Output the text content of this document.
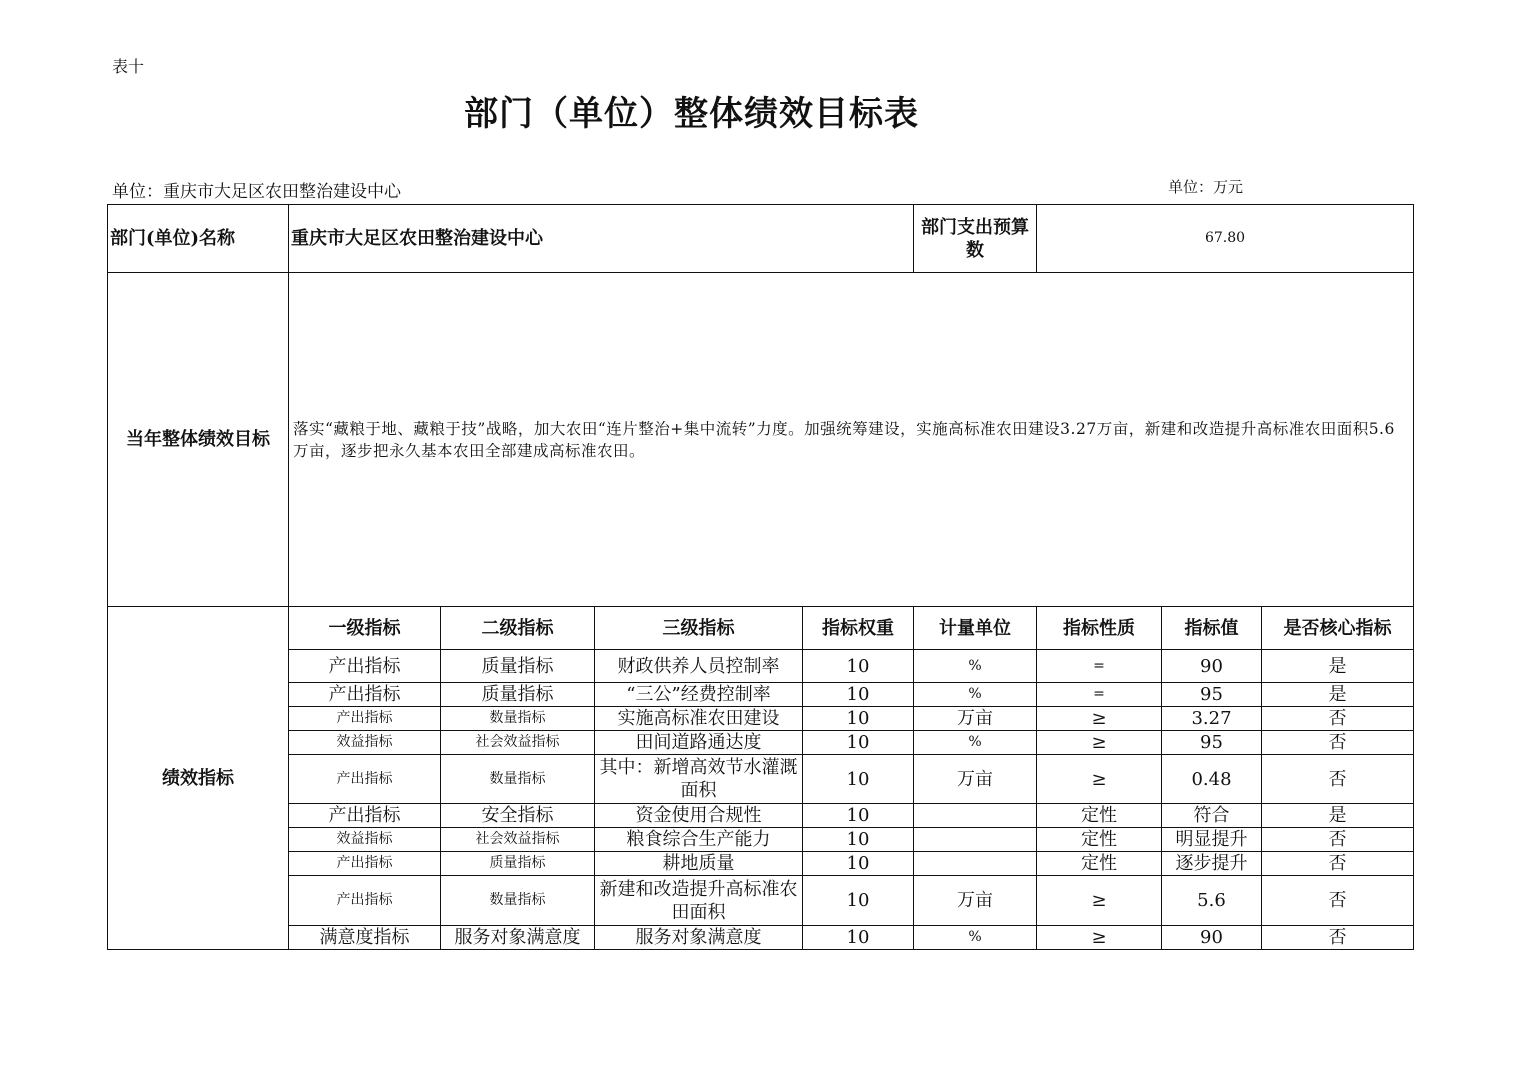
表十
部门（单位）整体绩效目标表
单位：重庆市大足区农田整治建设中心	单位：万元
部门(单位)名称	重庆市大足区农田整治建设中心				部门支出预算数	67.80		
当年整体绩效目标	落实“藏粮于地、藏粮于技”战略，加大农田“连片整治+集中流转”力度。加强统筹建设，实施高标准农田建设3.27万亩，新建和改造提升高标准农田面积5.6万亩，逐步把永久基本农田全部建成高标准农田。							
绩效指标	一级指标	二级指标	三级指标	指标权重	计量单位	指标性质	指标值	是否核心指标
	产出指标	质量指标	财政供养人员控制率	10	%	=	90	是
	产出指标	质量指标	“三公”经费控制率	10	%	=	95	是
	产出指标	数量指标	实施高标准农田建设	10	万亩	≥	3.27	否
	效益指标	社会效益指标	田间道路通达度	10	%	≥	95	否
	产出指标	数量指标	其中：新增高效节水灌溉面积	10	万亩	≥	0.48	否
	产出指标	安全指标	资金使用合规性	10		定性	符合	是
	效益指标	社会效益指标	粮食综合生产能力	10		定性	明显提升	否
	产出指标	质量指标	耕地质量	10		定性	逐步提升	否
	产出指标	数量指标	新建和改造提升高标准农田面积	10	万亩	≥	5.6	否
	满意度指标	服务对象满意度	服务对象满意度	10	%	≥	90	否
